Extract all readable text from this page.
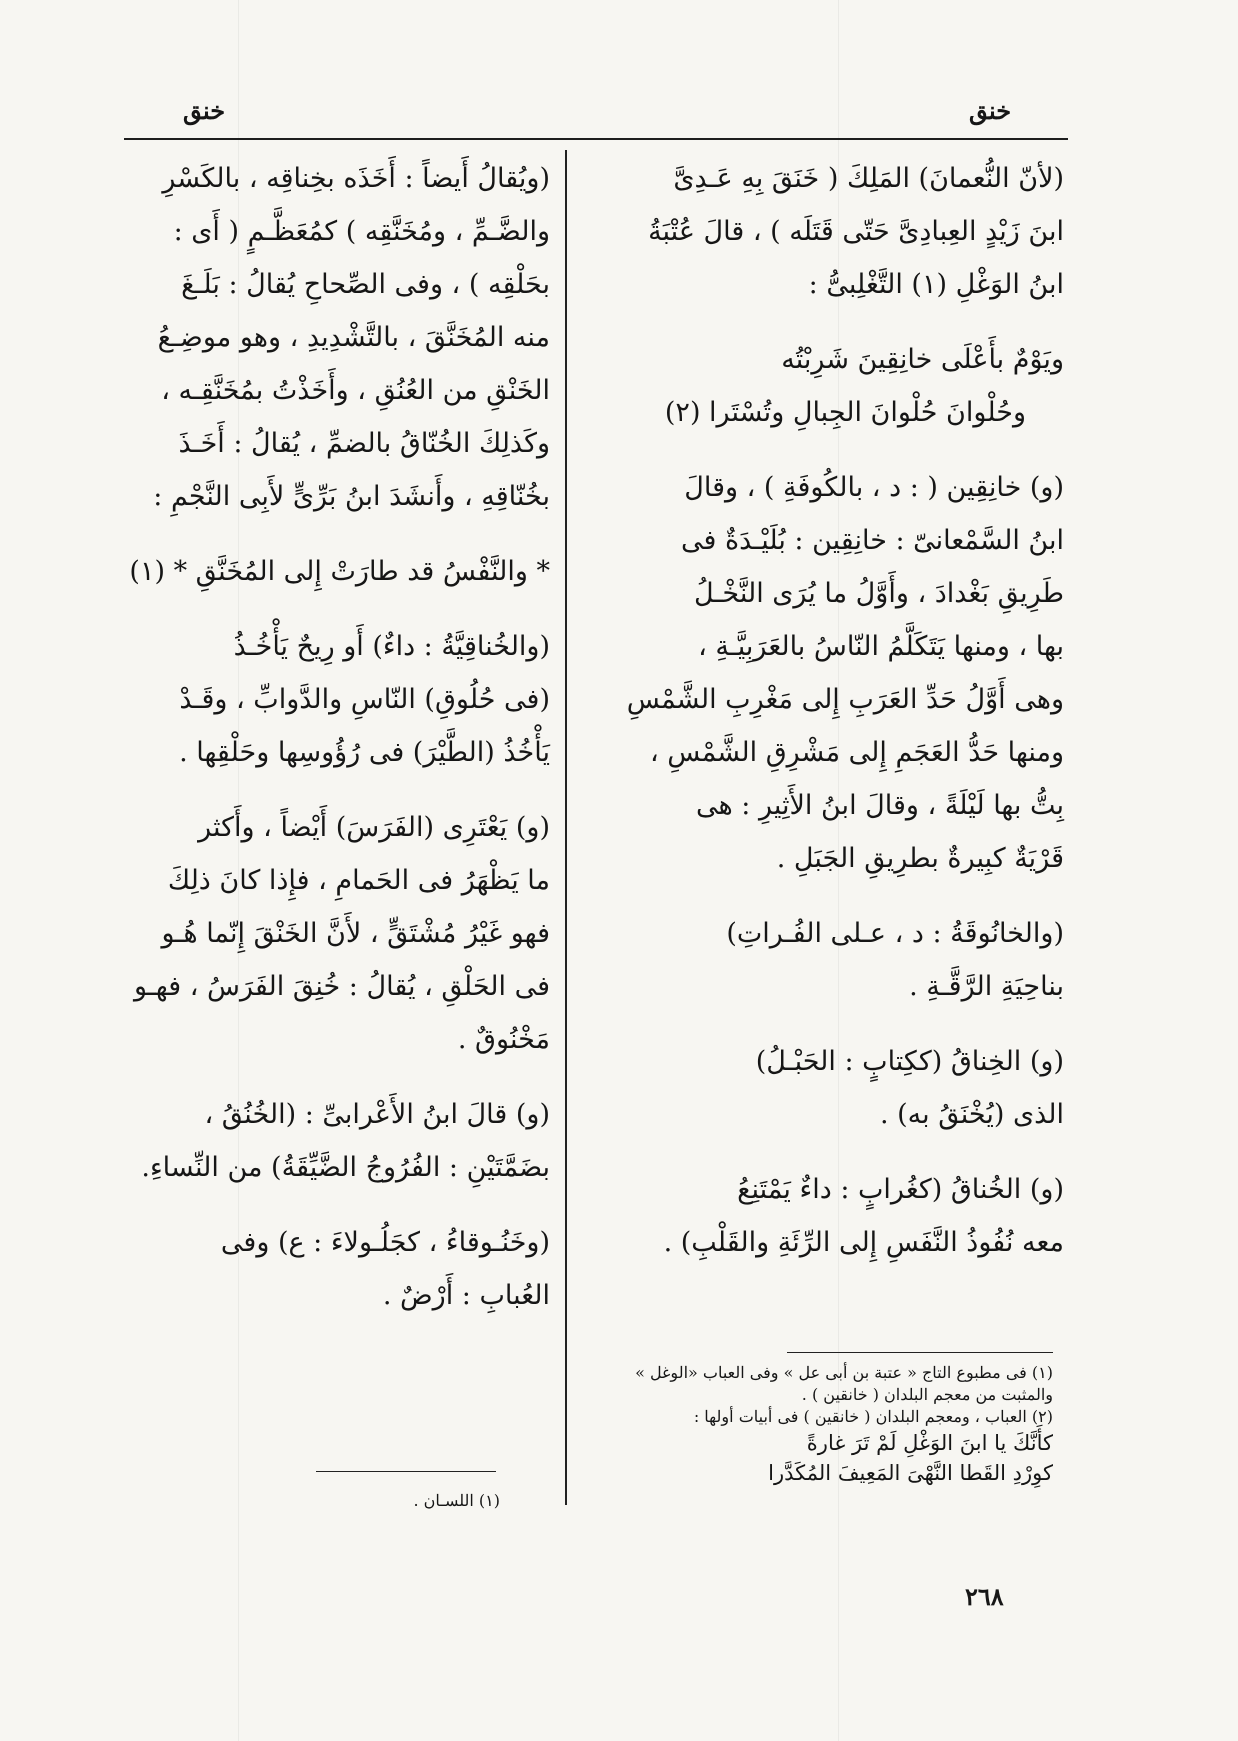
خنق	خنق
(لأنّ النُّعمانَ) المَلِكَ ( خَنَقَ بِهِ عَـدِىَّ
ابنَ زَيْدٍ العِبادِىَّ حَتّى قَتَلَه ) ، قالَ عُتْبَةُ
ابنُ الوَغْلِ (١) التَّغْلِبىُّ :
ويَوْمٌ بأَعْلَى خانِقِينَ شَرِبْتُه
وحُلْوانَ حُلْوانَ الجِبالِ وتُسْتَرا (٢)
(و) خانِقِين ( : د ، بالكُوفَةِ ) ، وقالَ
ابنُ السَّمْعانىّ : خانِقِين : بُلَيْـدَةٌ فى
طَرِيقِ بَغْدادَ ، وأَوَّلُ ما يُرَى النَّخْـلُ
بها ، ومنها يَتَكَلَّمُ النّاسُ بالعَرَبِيَّـةِ ،
وهى أَوَّلُ حَدِّ العَرَبِ إِلى مَغْرِبِ الشَّمْسِ
ومنها حَدُّ العَجَمِ إِلى مَشْرِقِ الشَّمْسِ ،
بِتُّ بها لَيْلَةً ، وقالَ ابنُ الأَثِيرِ : هى
قَرْيَةٌ كبِيرةٌ بطرِيقِ الجَبَلِ .
(والخانُوقَةُ : د ، عـلى الفُـراتِ)
بناحِيَةِ الرَّقَّـةِ .
(و) الخِناقُ (ككِتابٍ : الحَبْـلُ)
الذى (يُخْنَقُ به) .
(و) الخُناقُ (كغُرابٍ : داءٌ يَمْتَنِعُ
معه نُفُوذُ النَّفَسِ إِلى الرِّئَةِ والقَلْبِ) .
(١) فى مطبوع التاج « عتبة بن أبى عل » وفى العباب «الوغل »
والمثبت من معجم البلدان ( خانقين ) .
(٢) العباب ، ومعجم البلدان ( خانقين ) فى أبيات أولها :
كأَنَّكَ يا ابنَ الوَغْلِ لَمْ تَرَ غارةً
كوِرْدِ القَطا النَّهْىَ المَعِيفَ المُكَدَّرا
(ويُقالُ أَيضاً : أَخَذَه بخِناقِه ، بالكَسْرِ
والضَّـمِّ ، ومُخَنَّقِه ) كمُعَظَّـمٍ ( أَى :
بحَلْقِه ) ، وفى الصِّحاحِ يُقالُ : بَلَـغَ
منه المُخَنَّقَ ، بالتَّشْدِيدِ ، وهو موضِـعُ
الخَنْقِ من العُنُقِ ، وأَخَذْتُ بمُخَنَّقِـه ،
وكَذلِكَ الخُنّاقُ بالضمِّ ، يُقالُ : أَخَـذَ
بخُنّاقِهِ ، وأَنشَدَ ابنُ بَرِّىٍّ لأَبِى النَّجْمِ :
* والنَّفْسُ قد طارَتْ إِلى المُخَنَّقِ * (١)
(والخُناقِيَّةُ : داءٌ) أَو رِيحٌ يَأْخُـذُ
(فى حُلُوقِ) النّاسِ والدَّوابِّ ، وقَـدْ
يَأْخُذُ (الطَّيْرَ) فى رُؤُوسِها وحَلْقِها .
(و) يَعْتَرِى (الفَرَسَ) أَيْضاً ، وأَكثر
ما يَظْهَرُ فى الحَمامِ ، فإِذا كانَ ذلِكَ
فهو غَيْرُ مُشْتَقٍّ ، لأَنَّ الخَنْقَ إِنّما هُـو
فى الحَلْقِ ، يُقالُ : خُنِقَ الفَرَسُ ، فهـو
مَخْنُوقٌ .
(و) قالَ ابنُ الأَعْرابىِّ : (الخُنُقُ ،
بضَمَّتَيْنِ : الفُرُوجُ الضَّيِّقَةُ) من النِّساءِ.
(وخَنُـوقاءُ ، كجَلُـولاءَ : ع) وفى
العُبابِ : أَرْضٌ .
(١) اللسـان .
٢٦٨
